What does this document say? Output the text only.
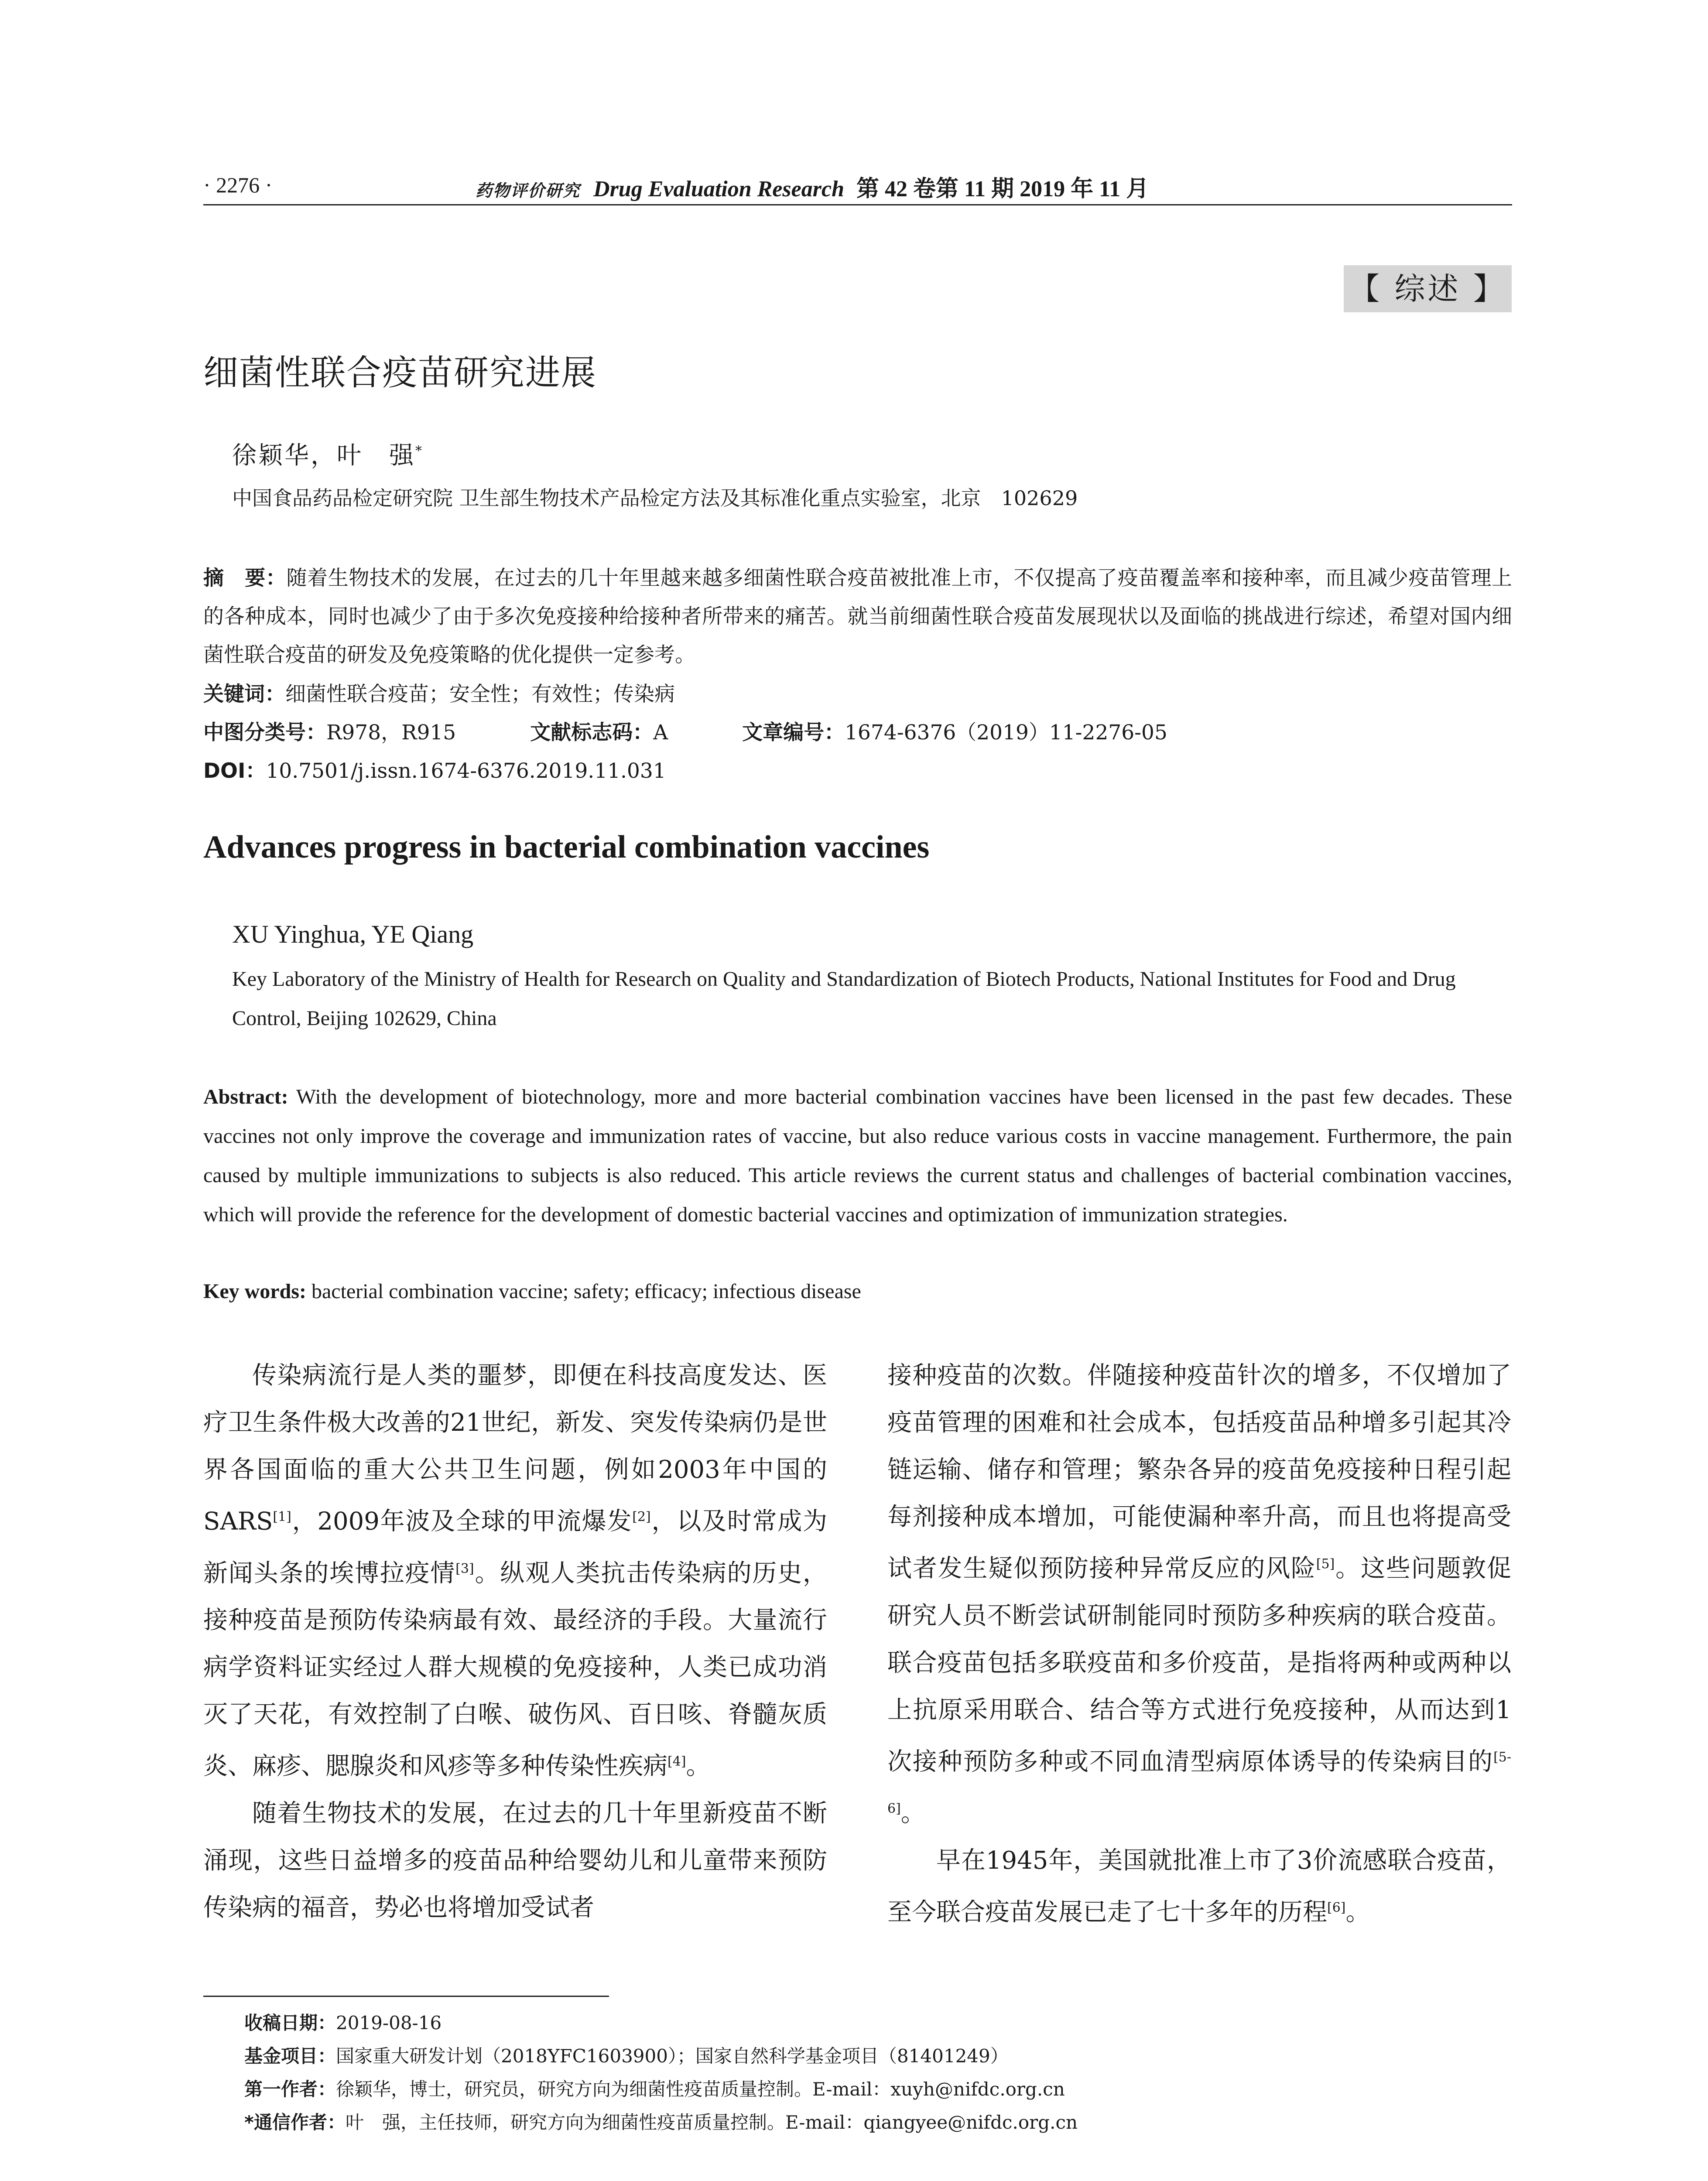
· 2276 ·	药物评价研究 Drug Evaluation Research 第 42 卷第 11 期 2019 年 11 月
【 综述 】
细菌性联合疫苗研究进展
徐颖华，叶　强*
中国食品药品检定研究院 卫生部生物技术产品检定方法及其标准化重点实验室，北京　102629
摘　要：随着生物技术的发展，在过去的几十年里越来越多细菌性联合疫苗被批准上市，不仅提高了疫苗覆盖率和接种率，而且减少疫苗管理上的各种成本，同时也减少了由于多次免疫接种给接种者所带来的痛苦。就当前细菌性联合疫苗发展现状以及面临的挑战进行综述，希望对国内细菌性联合疫苗的研发及免疫策略的优化提供一定参考。
关键词：细菌性联合疫苗；安全性；有效性；传染病
中图分类号：R978，R915	文献标志码：A	文章编号：1674-6376（2019）11-2276-05
DOI：10.7501/j.issn.1674-6376.2019.11.031
Advances progress in bacterial combination vaccines
XU Yinghua, YE Qiang
Key Laboratory of the Ministry of Health for Research on Quality and Standardization of Biotech Products, National Institutes for Food and Drug Control, Beijing 102629, China
Abstract: With the development of biotechnology, more and more bacterial combination vaccines have been licensed in the past few decades. These vaccines not only improve the coverage and immunization rates of vaccine, but also reduce various costs in vaccine management. Furthermore, the pain caused by multiple immunizations to subjects is also reduced. This article reviews the current status and challenges of bacterial combination vaccines, which will provide the reference for the development of domestic bacterial vaccines and optimization of immunization strategies.
Key words: bacterial combination vaccine; safety; efficacy; infectious disease

传染病流行是人类的噩梦，即便在科技高度发达、医疗卫生条件极大改善的21世纪，新发、突发传染病仍是世界各国面临的重大公共卫生问题，例如2003年中国的SARS[1]，2009年波及全球的甲流爆发[2]，以及时常成为新闻头条的埃博拉疫情[3]。纵观人类抗击传染病的历史，接种疫苗是预防传染病最有效、最经济的手段。大量流行病学资料证实经过人群大规模的免疫接种，人类已成功消灭了天花，有效控制了白喉、破伤风、百日咳、脊髓灰质炎、麻疹、腮腺炎和风疹等多种传染性疾病[4]。

随着生物技术的发展，在过去的几十年里新疫苗不断涌现，这些日益增多的疫苗品种给婴幼儿和儿童带来预防传染病的福音，势必也将增加受试者

接种疫苗的次数。伴随接种疫苗针次的增多，不仅增加了疫苗管理的困难和社会成本，包括疫苗品种增多引起其冷链运输、储存和管理；繁杂各异的疫苗免疫接种日程引起每剂接种成本增加，可能使漏种率升高，而且也将提高受试者发生疑似预防接种异常反应的风险[5]。这些问题敦促研究人员不断尝试研制能同时预防多种疾病的联合疫苗。联合疫苗包括多联疫苗和多价疫苗，是指将两种或两种以上抗原采用联合、结合等方式进行免疫接种，从而达到1次接种预防多种或不同血清型病原体诱导的传染病目的[5-6]。

早在1945年，美国就批准上市了3价流感联合疫苗，至今联合疫苗发展已走了七十多年的历程[6]。

收稿日期：2019-08-16
基金项目：国家重大研发计划（2018YFC1603900）；国家自然科学基金项目（81401249）
第一作者：徐颖华，博士，研究员，研究方向为细菌性疫苗质量控制。E-mail：xuyh@nifdc.org.cn
*通信作者：叶　强，主任技师，研究方向为细菌性疫苗质量控制。E-mail：qiangyee@nifdc.org.cn
